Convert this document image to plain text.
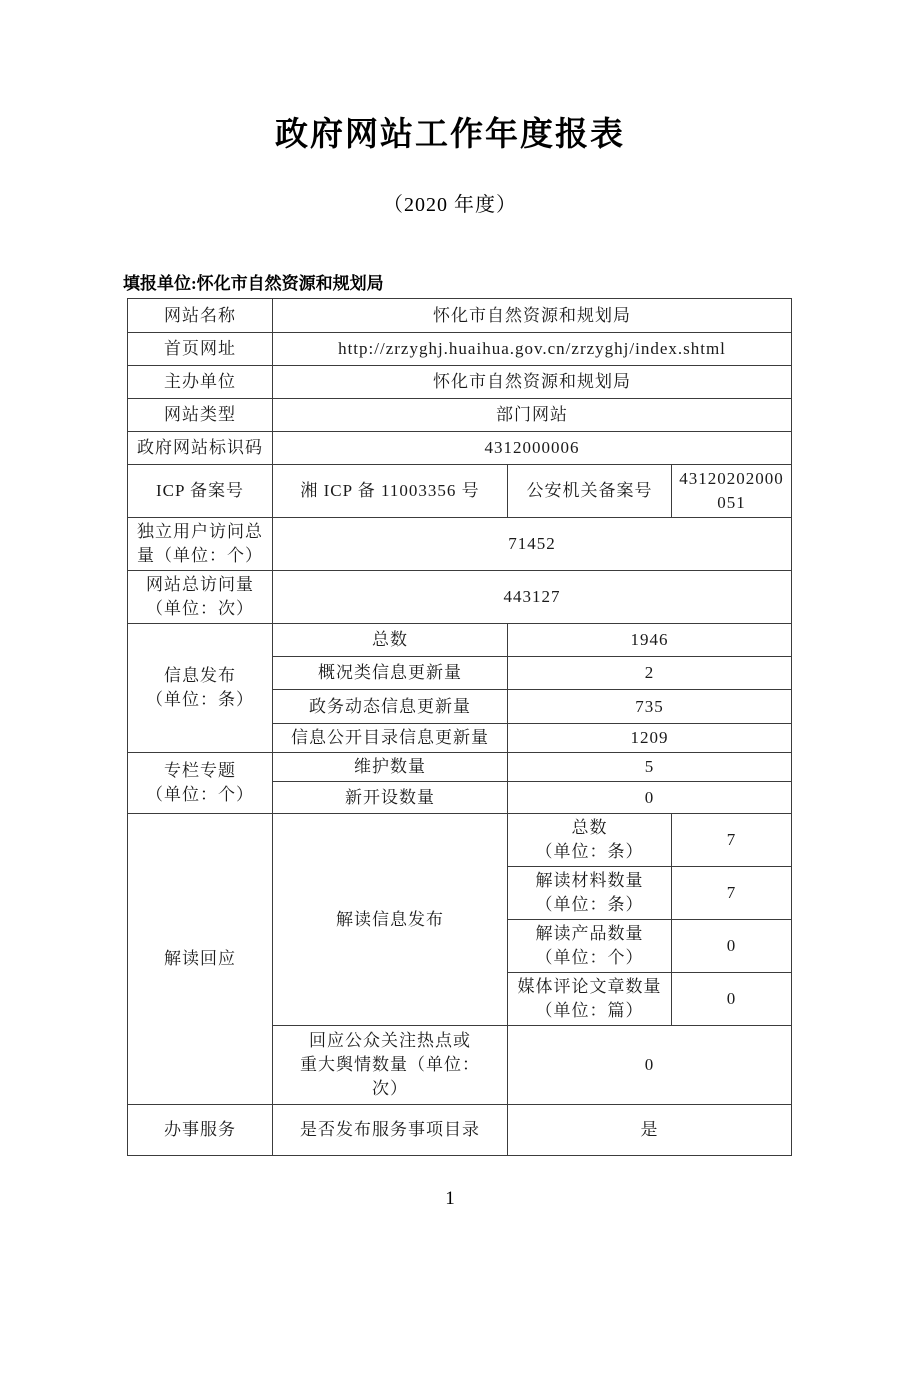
政府网站工作年度报表
（2020 年度）
填报单位:怀化市自然资源和规划局
网站名称	怀化市自然资源和规划局		
首页网址	http://zrzyghj.huaihua.gov.cn/zrzyghj/index.shtml		
主办单位	怀化市自然资源和规划局		
网站类型	部门网站		
政府网站标识码	4312000006		
ICP 备案号	湘 ICP 备 11003356 号	公安机关备案号	43120202000051

独立用户访问总
量（单位：个）	71452		

网站总访问量
（单位：次）	443127		

信息发布
（单位：条）	总数	1946	
	概况类信息更新量	2	
	政务动态信息更新量	735	
	信息公开目录信息更新量	1209	

专栏专题
（单位：个）	维护数量	5	
	新开设数量	0	
解读回应	解读信息发布	总数
（单位：条）	7

		解读材料数量
（单位：条）	7

		解读产品数量
（单位：个）	0

		媒体评论文章数量
（单位：篇）	0

	回应公众关注热点或
重大舆情数量（单位：
次）	0	
办事服务	是否发布服务事项目录	是	
1
